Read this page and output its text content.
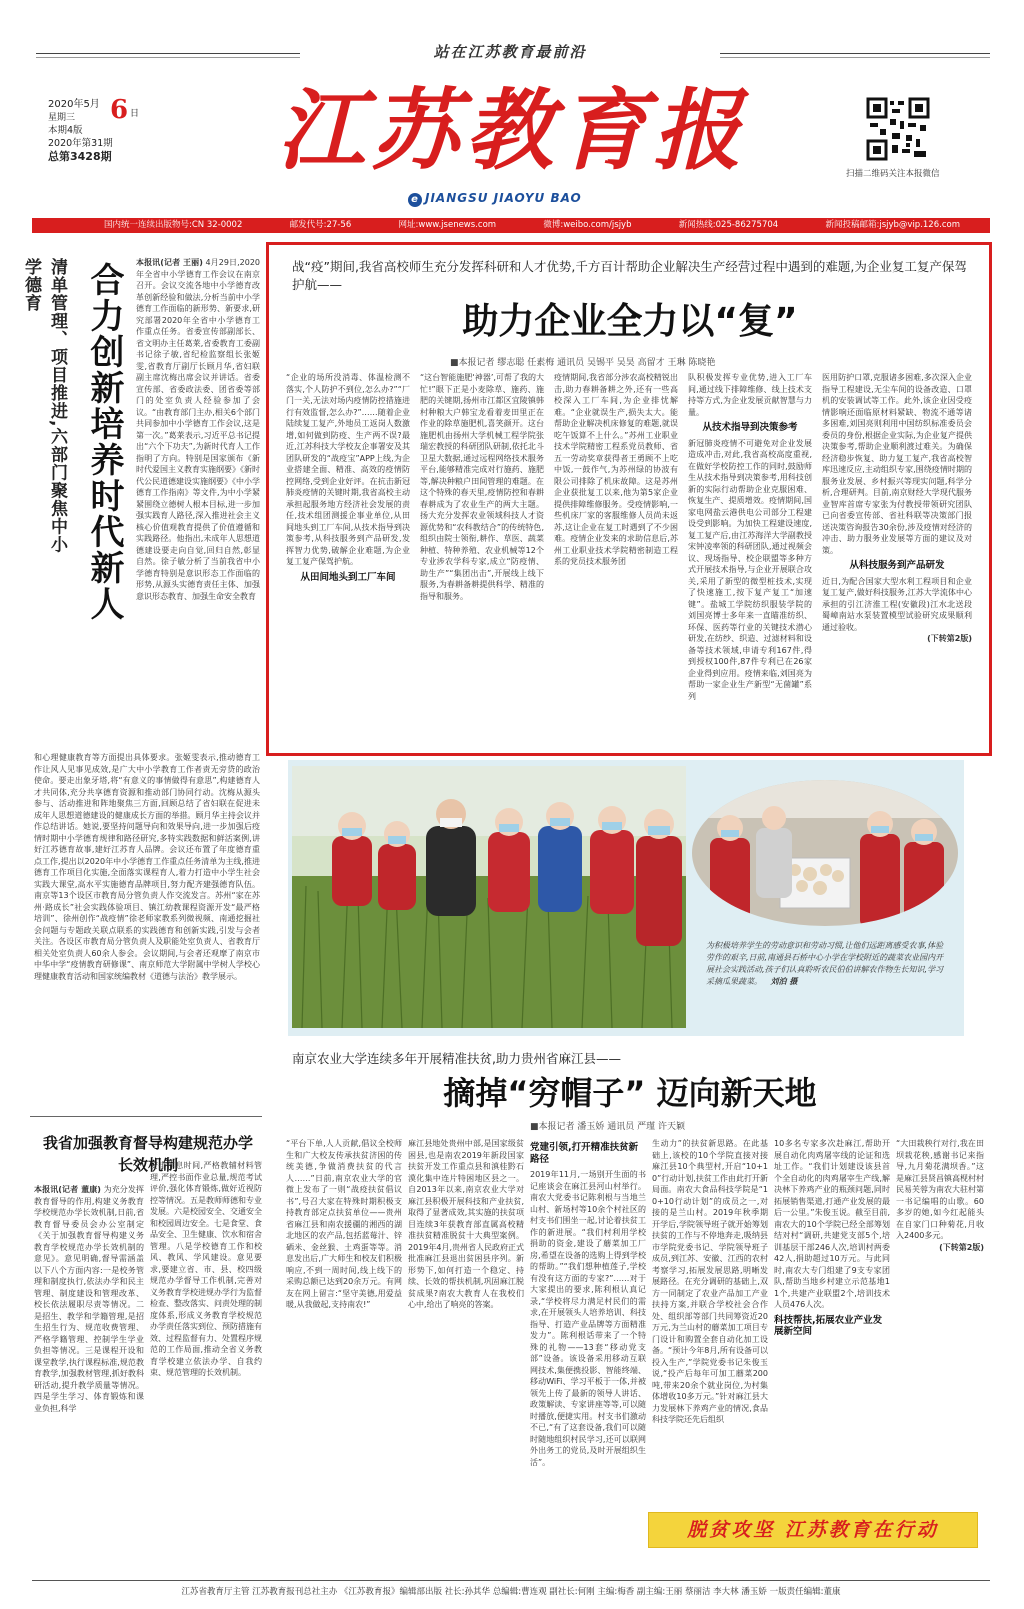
站在江苏教育最前沿
2020年5月 6 日
星期三
本期4版
2020年第31期
总第3428期	江苏教育报
e JIANGSU JIAOYU BAO
扫描二维码关注本报微信
国内统一连续出版物号:CN 32-0002	邮发代号:27-56	网址:www.jsenews.com	微博:weibo.com/jsjyb	新闻热线:025-86275704	新闻投稿邮箱:jsjyb@vip.126.com
清单管理、项目推进,六部门聚焦中小学德育	合力创新培养时代新人	本报讯(记者 王丽) 4月29日,2020年全省中小学德育工作会议在南京召开。会议交流各地中小学德育改革创新经验和做法,分析当前中小学德育工作面临的新形势、新要求,研究部署2020年全省中小学德育工作重点任务。省委宣传部副部长、省文明办主任葛莱,省委教育工委副书记徐子敏,省纪检监察组长张姬雯,省教育厅副厅长顾月华,省妇联副主席沈梅出席会议并讲话。省委宣传部、省委政法委、团省委等部门的处室负责人经验参加了会议。“由教育部门主办,相关6个部门共同参加中小学德育工作会议,这是第一次。”葛莱表示,习近平总书记提出“六个下功夫”,为新时代育人工作指明了方向。特别是国家颁布《新时代爱国主义教育实施纲要》《新时代公民道德建设实施纲要》《中小学德育工作指南》等文件,为中小学紧紧围绕立德树人根本目标,进一步加强实践育人路径,深入推进社会主义核心价值观教育提供了价值遵循和实践路径。他指出,未成年人思想道德建设要走向自觉,回归自然,彰显自然。徐子敏分析了当前我省中小学德育特别是意识形态工作面临的形势,从源头实德育责任主体、加强意识形态教育、加强生命安全教育
和心理健康教育等方面提出具体要求。张姬雯表示,推动德育工作让风人见事见成效,是广大中小学教育工作者责无旁贷的政治使命。要走出象牙塔,将“有意义的事情做得有意思”,构建德育人才共同体,充分共享德育资源和推动部门协同行动。沈梅从源头参与、活动推进和阵地聚焦三方面,回顾总结了省妇联在促进未成年人思想道德建设的健康成长方面的举措。顾月华主持会议并作总结讲话。她说,要坚持问题导向和效果导向,进一步加强后疫情时期中小学德育规律和路径研究,多特实践数据和鲜活案例,讲好江苏德育故事,建好江苏育人品牌。会议还布置了年度德育重点工作,提出以2020年中小学德育工作重点任务清单为主线,推进德育工作项目化实施,全面落实课程育人,着力打造中小学生社会实践大课堂,高水平实施德育品牌项目,努力配齐建强德育队伍。南京等13个设区市教育局分管负责人作交流发言。苏州“家在苏州·路成长”社会实践体验项目、镇江幼教课程资源开发“最严格培训”、徐州创作“战疫情”徐老师家教系列微视频、南通挖掘社会问题与专题政关联点联系的实践德育和创新实践,引发与会者关注。各设区市教育局分管负责人及职能处室负责人、省教育厅相关处室负责人60余人参会。会议期间,与会者还观摩了南京市中华中学“疫情教育研修课”、南京师范大学附属中学树人学校心理健康教育活动和国家统编教材《道德与法治》教学展示。
我省加强教育督导构建规范办学长效机制
本报讯(记者 董康) 为充分发挥教育督导的作用,构建义务教育学校规范办学长效机制,日前,省教育督导委员会办公室制定《关于加强教育督导构建义务教育学校规范办学长效机制的意见》。意见明确,督导需涵盖以下八个方面内容:一是校务管理和制度执行,依法办学和民主管理、制度建设和管理改革、校长依法履职尽责等情况。二是招生、教学和学籍管理,是招生招生行为、规范收费管理、严格学籍管理、控制学生学业负担等情况。三是课程开设和课堂教学,执行课程标准,规范教育教学,加强教材管理,抓好教科研活动,提升教学质量等情况。四是学生学习、体育锻炼和课业负担,科学
安排作息时间,严格教辅材料管理,严控书面作业总量,规范考试评价,强化体育锻炼,做好近视防控等情况。五是教师师德和专业发展。六是校园安全、交通安全和校园周边安全。七是食堂、食品安全、卫生健康、饮水和宿舍管理。八是学校德育工作和校风、教风、学风建设。意见要求,要建立省、市、县、校四级规范办学督导工作机制,完善对义务教育学校进规办学行为监督检查、整改落实、问责处理的制度体系,形成义务教育学校规范办学责任落实到位、预防措施有效、过程监督有力、处置程序规范的工作局面,推动全省义务教育学校建立依法办学、自我约束、规范管理的长效机制。
战“疫”期间,我省高校师生充分发挥科研和人才优势,千方百计帮助企业解决生产经营过程中遇到的难题,为企业复工复产保驾护航——
助力企业全力以“复”
■本报记者 缪志聪 任素梅 通讯员 吴锡平 吴昊 高留才 王琳 陈晓艳
“企业的场所没消毒、体温检测不落实,个人防护不到位,怎么办?”“厂门一关,无法对场内疫情防控措施进行有效监督,怎么办?”……随着企业陆续复工复产,外地员工返岗人数激增,如何做到防疫、生产两不误?最近,江苏科技大学校友企事署安及其团队研发的“战疫宝”APP上线,为企业搭建全面、精准、高效的疫情防控网络,受到企业好评。在抗击新冠肺炎疫情的关键时期,我省高校主动承担起服务地方经济社会发展的责任,技术组团测援企事业单位,从田间地头到工厂车间,从技术指导到决策参考,从科技服务到产品研发,发挥智力优势,破解企业难题,为企业复工复产保驾护航。
从田间地头到工厂车间
“这台智能施肥‘神器’,可帮了我的大忙!”眼下正是小麦除草、施药、施肥的关键期,扬州市江都区宜陵镇韩村种粮大户韩宝龙看着麦田里正在作业的除草施肥机,喜笑颜开。这台施肥机由扬州大学机械工程学院张瑞宏教授的科研团队研制,依托北斗卫星大数据,通过远程网络技术服务平台,能够精准完成对行施药、施肥等,解决种粮户田间管理的难题。在这个特殊的春天里,疫情防控和春耕春耕成为了农业生产的两大主题。扬大充分发挥农业领域科技人才资源优势和“农科教结合”的传统特色,组织由院士领衔,耕作、草医、蔬菜种植、特种养殖、农业机械等12个专业涉农学科专家,成立“防疫情、助生产”“集团出击”,开展线上线下服务,为春耕备耕提供科学、精准的指导和服务。
疫情期间,我省部分涉农高校精锐出击,助力春耕备耕之外,还有一些高校深入工厂车间,为企业排忧解难。“企业就误生产,损失太大。能帮助企业解决机床修复的难题,就误吃午饭算不上什么。”苏州工业职业技术学院精密工程系党员教师、省五一劳动奖章获得者王勇顾不上吃中饭,一鼓作气,为苏州绿的协波有限公司排除了机床故障。这是苏州企业获批复工以来,他为第5家企业提供排障维修服务。受疫情影响,一些机床厂家的客服维修人员尚未返苏,这让企业在复工时遇到了不少困难。疫情企业发来的求助信息后,苏州工业职业技术学院精密制造工程系的党员技术服务团
队积极发挥专业优势,进入工厂车间,通过线下排障维修、线上技术支持等方式,为企业发展贡献智慧与力量。
从技术指导到决策参考
新冠肺炎疫情不可避免对企业发展造成冲击,对此,我省高校高度重视,在做好学校防控工作的同时,鼓励师生从技术指导到决策参考,用科技创新的实际行动帮助企业克服困难、恢复生产、提质增效。疫情期间,国家电网盐云港供电公司部分工程建设受到影响。为加快工程建设速度,复工复产后,由江苏海洋大学副教授宋钟凌率领的科研团队,通过视频会议、现场指导、校企联盟等多种方式开展技术指导,与企业开展联合攻关,采用了新型的微型桩技术,实现了快速施工,按下复产复工“加速键”。盐城工学院纺织服装学院的刘国亮博士多年来一直瞄准纺织、环保、医药等行业的关键技术潜心研发,在纺纱、织造、过滤材料和设备等技术领域,申请专利167件,得到授权100件,87件专利已在26家企业得到应用。疫情来临,刘国亮为帮助一家企业生产新型“无菌罐”系列
医用防护口罩,克服诸多困难,多次深入企业指导工程建设,无尘车间的设备改造、口罩机的安装调试等工作。此外,该企业因受疫情影响还面临原材料紧缺、物流不通等诸多困难,刘国亮则利用中国纺织标准委员会委员的身份,根据企业实际,为企业复产提供决策参考,帮助企业顺利渡过难关。为确保经济稳步恢复、助力复工复产,我省高校智库迅速反应,主动组织专家,围绕疫情时期的服务业发展、乡村振兴等现实问题,科学分析,合理研判。目前,南京财经大学现代服务业智库首席专家张为付教授带领研究团队已向省委宣传部、省社科联等决策部门报送决策咨询报告30余份,涉及疫情对经济的冲击、助力服务业发展等方面的建议及对策。
从科技服务到产品研发
近日,为配合国家大型水利工程项目和企业复工复产,做好科技服务,江苏大学流体中心承担的引江济淮工程(安徽段)江水北送段蜀嶂南站水泵装置模型试验研究成果顺利通过验收。
(下转第2版)
为积极培养学生的劳动意识和劳动习惯,让他们远距离感受农事,体验劳作的艰辛,日前,南通县石桥中心小学在学校附近的蔬菜农业园内开展社会实践活动,孩子们认真聆听农民伯伯讲解农作物生长知识,学习采摘瓜果蔬菜。 刘泊 摄
南京农业大学连续多年开展精准扶贫,助力贵州省麻江县——
摘掉“穷帽子” 迈向新天地
■本报记者 潘玉娇 通讯员 严瑾 许天颖
“平台下单,人人贡献,倡议全校师生和广大校友传承扶贫济困的传统美德,争做消费扶贫的代言人……”日前,南京农业大学的官微上发布了一则“战疫扶贫倡议书”,号召大家在特殊时期积极支持教育部定点扶贫单位——贵州省麻江县和南农援疆的湘西的湖北地区的农产品,包括蓝莓汁、锌硒米、金丝猴、土鸡蛋等等。消息发出后,广大师生和校友们积极响应,不到一周时间,线上线下的采购总额已达到20余万元。有网友在网上留言:“坚守美德,用爱益暖,从我做起,支持南农!”
麻江县地处贵州中部,是国家级贫困县,也是南农2019年新段国家扶贫开发工作重点县和滇桂黔石漠化集中连片特困地区县之一。自2013年以来,南京农业大学对麻江县积极开展科技和产业扶贫,取得了显著成效,其实施的扶贫项目连续3年获教育部直属高校精准扶贫精准脱贫十大典型案例。2019年4月,贵州省人民政府正式批准麻江县退出贫困县序列。新形势下,如何打造一个稳定、持续、长效的帮扶机制,巩固麻江脱贫成果?南农大教育人在我校们心中,给出了响亮的答案。
党建引领,打开精准扶贫新路径
2019年11月,一场别开生面的书记座谈会在麻江县河山村举行。南农大党委书记陈利根与当地兰山村、新场村等10余个村社区的村支书们围坐一起,讨论着扶贫工作的新进展。“我们村利用学校捐助的资金,建设了蘑菜加工厂房,希望在设备的选购上得到学校的帮助。”“我们想种植莲子,学校有没有这方面的专家?”……对于大家提出的要求,陈利根认真记录,“学校将尽力满足村民们的需求,在开展领头人培养培训、科技指导、打造产业品牌等方面精准发力”。陈利根话带来了一个特殊的礼物——13套“移动党支部”设备。该设备采用移动互联网技术,集便携投影、智能终端、移动WiFi、学习平板于一体,并被领先上传了最新的领导人讲话、政策解读、专家讲座等等,可以随时播放,便捷实用。村支书们激动不已,“有了这套设备,我们可以随时随地组织村民学习,还可以联网外出务工的党员,及时开展组织生活”。
生动力”的扶贫新思路。在此基础上,该校的10个学院直接对接麻江县10个典型村,开启“10+10”行动计划,扶贫工作由此打开新局面。南农大食品科技学院是“10+10行动计划”的成员之一,对接的是兰山村。2019年秋季期开学后,学院领导班子就开始筹划扶贫的工作与不停地奔走,吸纳县市学院党委书记、学院领导班子成员,到江苏、安徽、江西的农村考察学习,拓展发展思路,明晰发展路径。在充分调研的基础上,双方一同制定了农业产品加工产业扶持方案,并联合学校社会合作处、组织部等部门共同筹资近20万元,为兰山村的蘑菜加工项目专门设计和购置全套自动化加工设备。“预计今年8月,所有设备可以投入生产,”学院党委书记朱俊玉说,“投产后每年可加工蘑菜200吨,带来20余个就业岗位,为村集体增收10多万元。”针对麻江县大力发展林下养鸡产业的情况,食品科技学院还先后组织
10多名专家多次赴麻江,帮助开展自动化肉鸡屠宰线的论证和选址工作。“我们计划建设该县首个全自动化的肉鸡屠宰生产线,解决林下养鸡产业的瓶颈问题,同时拓展销售渠道,打通产业发展的最后一公里。”朱俊玉说。截至目前,南农大的10个学院已经全部筹划结对村“调研,共建党支部5个,培训基层干部246人次,培训村两委42人,捐助超过10万元。与此同时,南农大专门组建了9支专家团队,帮助当地乡村建立示范基地11个,共建产业联盟2个,培训技术人员476人次。
科技帮扶,拓展农业产业发展新空间
“大田栽秧行对行,我在田坝栽花秧,感谢书记来指导,九月菊花满坝香。”这是麻江县贤昌镇高枧村村民易芙蓉为南农大驻村第一书记编唱的山歌。60多岁的她,如今红起能头在自家门口种菊花,月收入2400多元。
(下转第2版)
脱贫攻坚 江苏教育在行动
江苏省教育厅主管 江苏教育报刊总社主办 《江苏教育报》编辑部出版 社长:孙其华 总编辑:曹连观 副社长:何刚 主编:梅香 副主编:王丽 蔡丽洁 李大林 潘玉娇 一版责任编辑:董康
